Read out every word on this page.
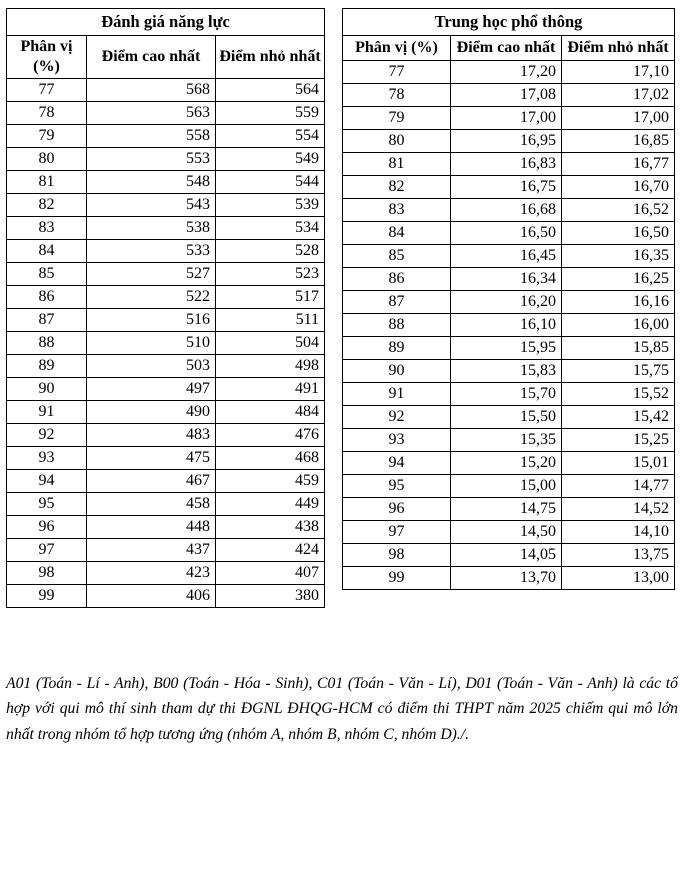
Đánh giá năng lực		
Phân vị (%)	Điểm cao nhất	Điểm nhỏ nhất
77	568	564
78	563	559
79	558	554
80	553	549
81	548	544
82	543	539
83	538	534
84	533	528
85	527	523
86	522	517
87	516	511
88	510	504
89	503	498
90	497	491
91	490	484
92	483	476
93	475	468
94	467	459
95	458	449
96	448	438
97	437	424
98	423	407
99	406	380
Trung học phổ thông		
Phân vị (%)	Điểm cao nhất	Điểm nhỏ nhất
77	17,20	17,10
78	17,08	17,02
79	17,00	17,00
80	16,95	16,85
81	16,83	16,77
82	16,75	16,70
83	16,68	16,52
84	16,50	16,50
85	16,45	16,35
86	16,34	16,25
87	16,20	16,16
88	16,10	16,00
89	15,95	15,85
90	15,83	15,75
91	15,70	15,52
92	15,50	15,42
93	15,35	15,25
94	15,20	15,01
95	15,00	14,77
96	14,75	14,52
97	14,50	14,10
98	14,05	13,75
99	13,70	13,00

A01 (Toán - Lí - Anh), B00 (Toán - Hóa - Sinh), C01 (Toán - Văn - Lí), D01 (Toán - Văn - Anh) là các tổ hợp với qui mô thí sinh tham dự thi ĐGNL ĐHQG-HCM có điểm thi THPT năm 2025 chiếm qui mô lớn nhất trong nhóm tổ hợp tương ứng (nhóm A, nhóm B, nhóm C, nhóm D)./.
